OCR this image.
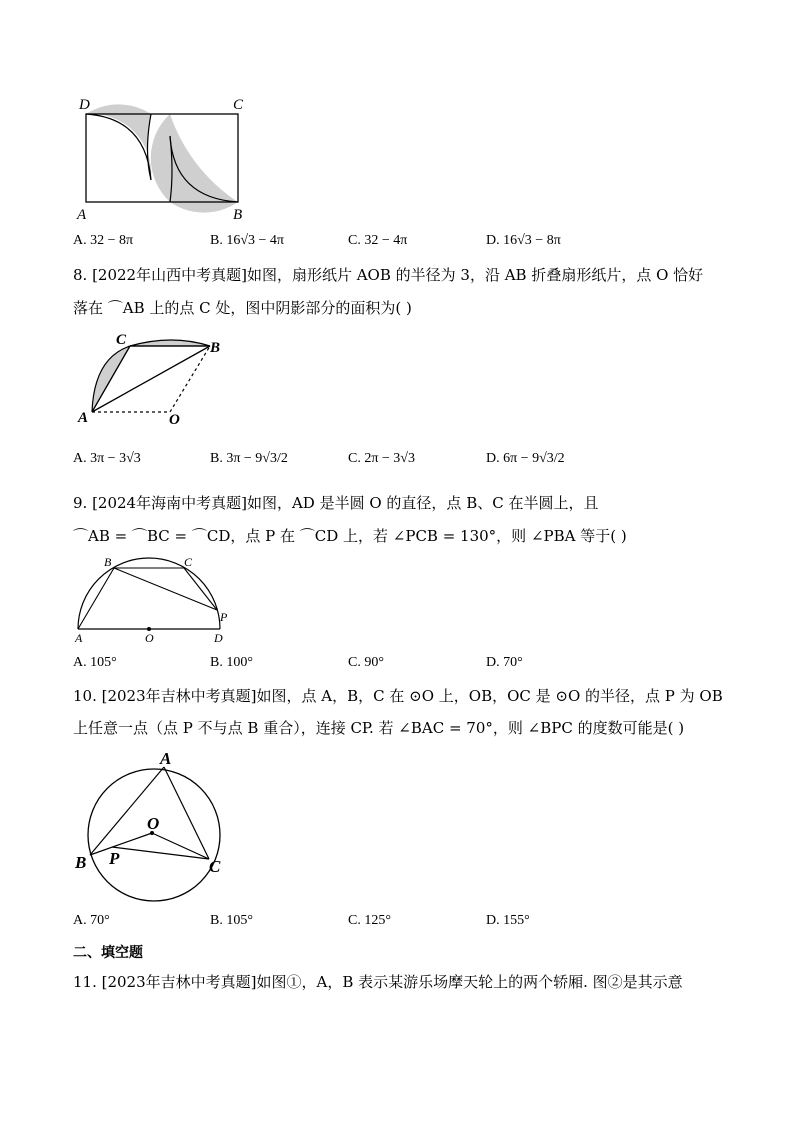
D	C
A	B
A. 32 − 8π	B. 16√3 − 4π	C. 32 − 4π	D. 16√3 − 8π
8. [2022年山西中考真题]如图，扇形纸片 AOB 的半径为 3，沿 AB 折叠扇形纸片，点 O 恰好
落在 ⌒AB 上的点 C 处，图中阴影部分的面积为( )
C	B
A	O
A. 3π − 3√3	B. 3π − 9√3/2	C. 2π − 3√3	D. 6π − 9√3/2
9. [2024年海南中考真题]如图，AD 是半圆 O 的直径，点 B、C 在半圆上，且
⌒AB = ⌒BC = ⌒CD，点 P 在 ⌒CD 上，若 ∠PCB = 130°，则 ∠PBA 等于( )
B	C
P
A	O	D
A. 105°	B. 100°	C. 90°	D. 70°
10. [2023年吉林中考真题]如图，点 A，B，C 在 ⊙O 上，OB，OC 是 ⊙O 的半径，点 P 为 OB
上任意一点（点 P 不与点 B 重合），连接 CP. 若 ∠BAC = 70°，则 ∠BPC 的度数可能是( )
A
O
P
B	C
A. 70°	B. 105°	C. 125°	D. 155°
二、填空题
11. [2023年吉林中考真题]如图①，A，B 表示某游乐场摩天轮上的两个轿厢. 图②是其示意
